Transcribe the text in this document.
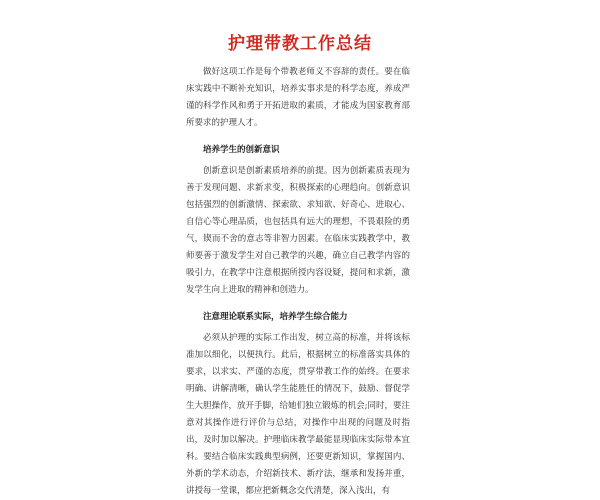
护理带教工作总结

做好这项工作是每个带教老师义不容辞的责任。要在临床实践中不断补充知识，培养实事求是的科学态度，养成严谨的科学作风和勇于开拓进取的素质，才能成为国家教育部所要求的护理人才。

培养学生的创新意识

创新意识是创新素质培养的前提。因为创新素质表现为善于发现问题、求新求变，积极探索的心理趋向。创新意识包括强烈的创新激情、探索欲、求知欲、好奇心、进取心、自信心等心理品质，也包括具有远大的理想，不畏艰险的勇气，锲而不舍的意志等非智力因素。在临床实践教学中，教师要善于激发学生对自己教学的兴趣，确立自己教学内容的吸引力，在教学中注意根据所授内容设疑，提问和求新，激发学生向上进取的精神和创造力。

注意理论联系实际，培养学生综合能力

必须从护理的实际工作出发，树立高的标准，并将该标准加以细化，以便执行。此后，根据树立的标准落实具体的要求，以求实、严谨的态度，贯穿带教工作的始终。在要求明确、讲解清晰，确认学生能胜任的情况下，鼓励、督促学生大胆操作，放开手脚，给她们独立锻炼的机会;同时，要注意对其操作进行评价与总结，对操作中出现的问题及时指出，及时加以解决。护理临床教学最能显现临床实际带本宜科。要结合临床实践典型病例，还要更新知识，掌握国内、外新的学术动态，介绍新技术、新疗法，继承和发扬并重，讲授每一堂课，都应把新概念交代清楚，深入浅出，有
